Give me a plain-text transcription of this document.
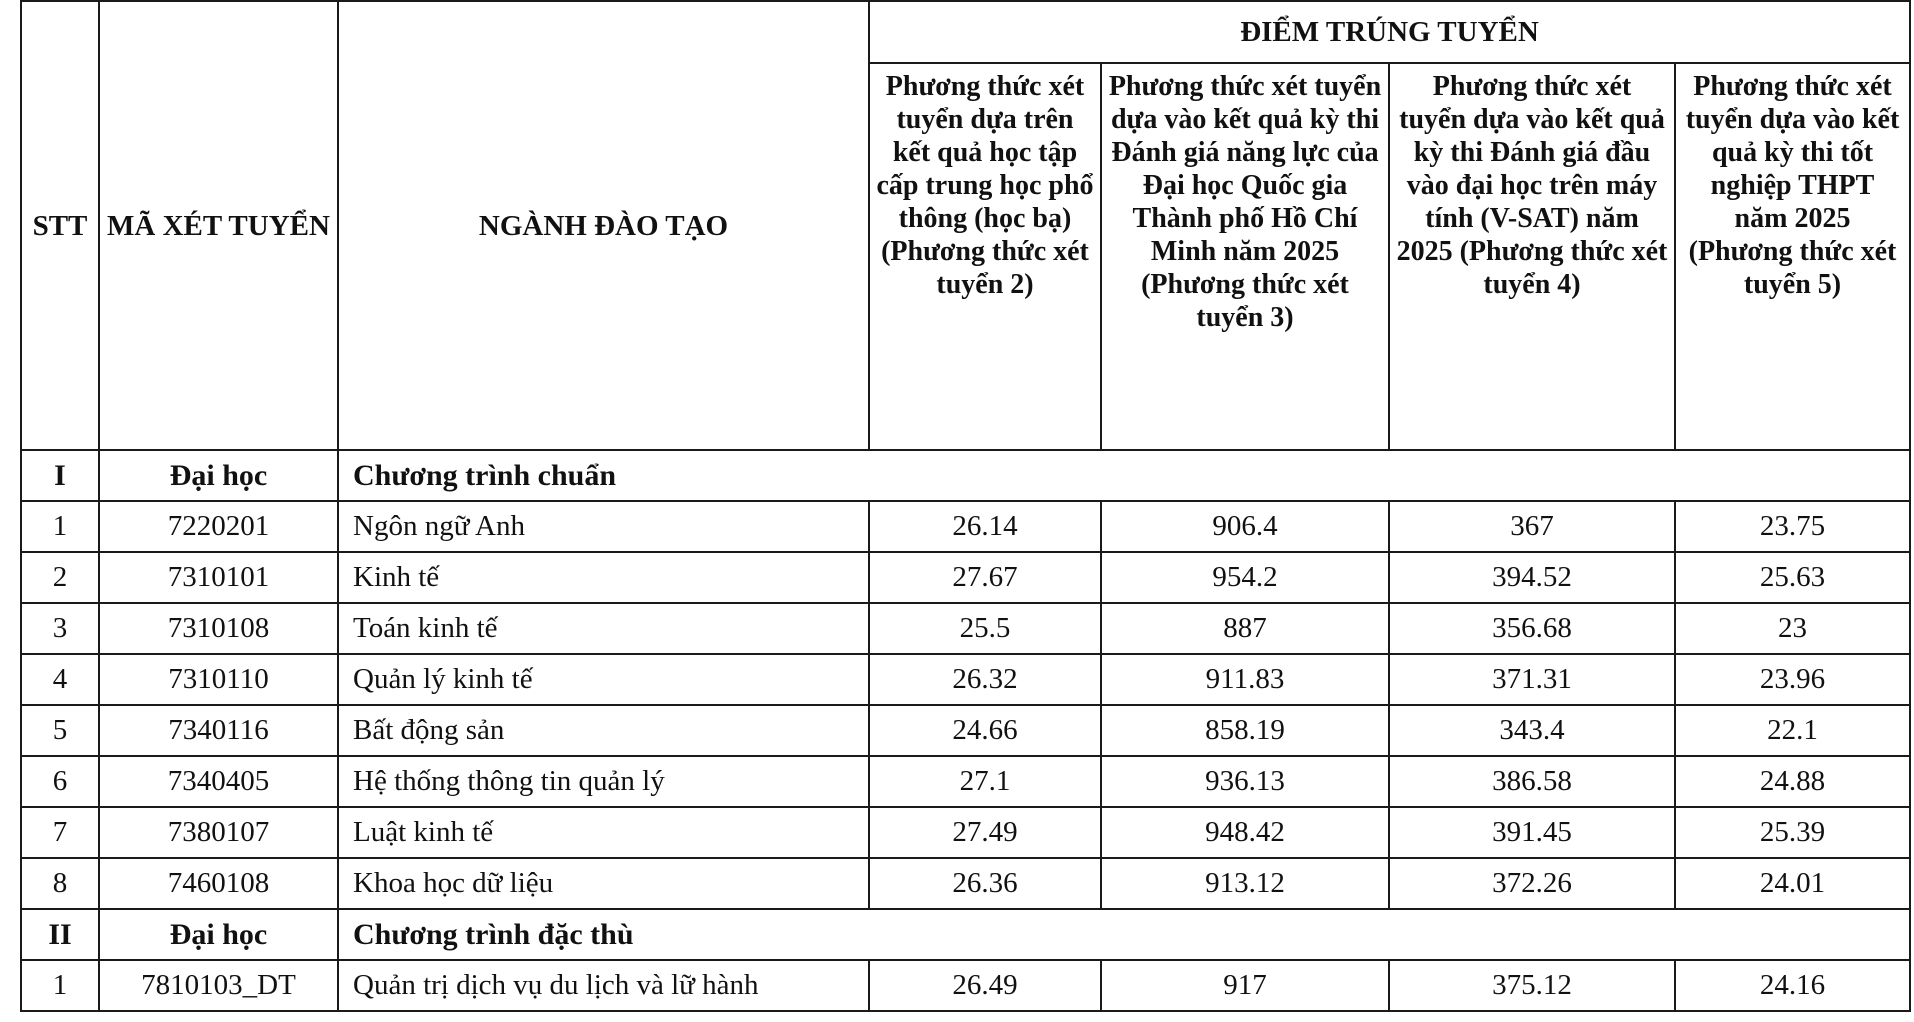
STT	MÃ XÉT TUYỂN	NGÀNH ĐÀO TẠO	ĐIỂM TRÚNG TUYỂN			
			Phương thức xét tuyển dựa trên kết quả học tập cấp trung học phổ thông (học bạ) (Phương thức xét tuyển 2)	Phương thức xét tuyển dựa vào kết quả kỳ thi Đánh giá năng lực của Đại học Quốc gia Thành phố Hồ Chí Minh năm 2025 (Phương thức xét tuyển 3)	Phương thức xét tuyển dựa vào kết quả kỳ thi Đánh giá đầu vào đại học trên máy tính (V-SAT) năm 2025 (Phương thức xét tuyển 4)	Phương thức xét tuyển dựa vào kết quả kỳ thi tốt nghiệp THPT năm 2025 (Phương thức xét tuyển 5)
I	Đại học	Chương trình chuẩn				
1	7220201	Ngôn ngữ Anh	26.14	906.4	367	23.75
2	7310101	Kinh tế	27.67	954.2	394.52	25.63
3	7310108	Toán kinh tế	25.5	887	356.68	23
4	7310110	Quản lý kinh tế	26.32	911.83	371.31	23.96
5	7340116	Bất động sản	24.66	858.19	343.4	22.1
6	7340405	Hệ thống thông tin quản lý	27.1	936.13	386.58	24.88
7	7380107	Luật kinh tế	27.49	948.42	391.45	25.39
8	7460108	Khoa học dữ liệu	26.36	913.12	372.26	24.01
II	Đại học	Chương trình đặc thù				
1	7810103_DT	Quản trị dịch vụ du lịch và lữ hành	26.49	917	375.12	24.16
